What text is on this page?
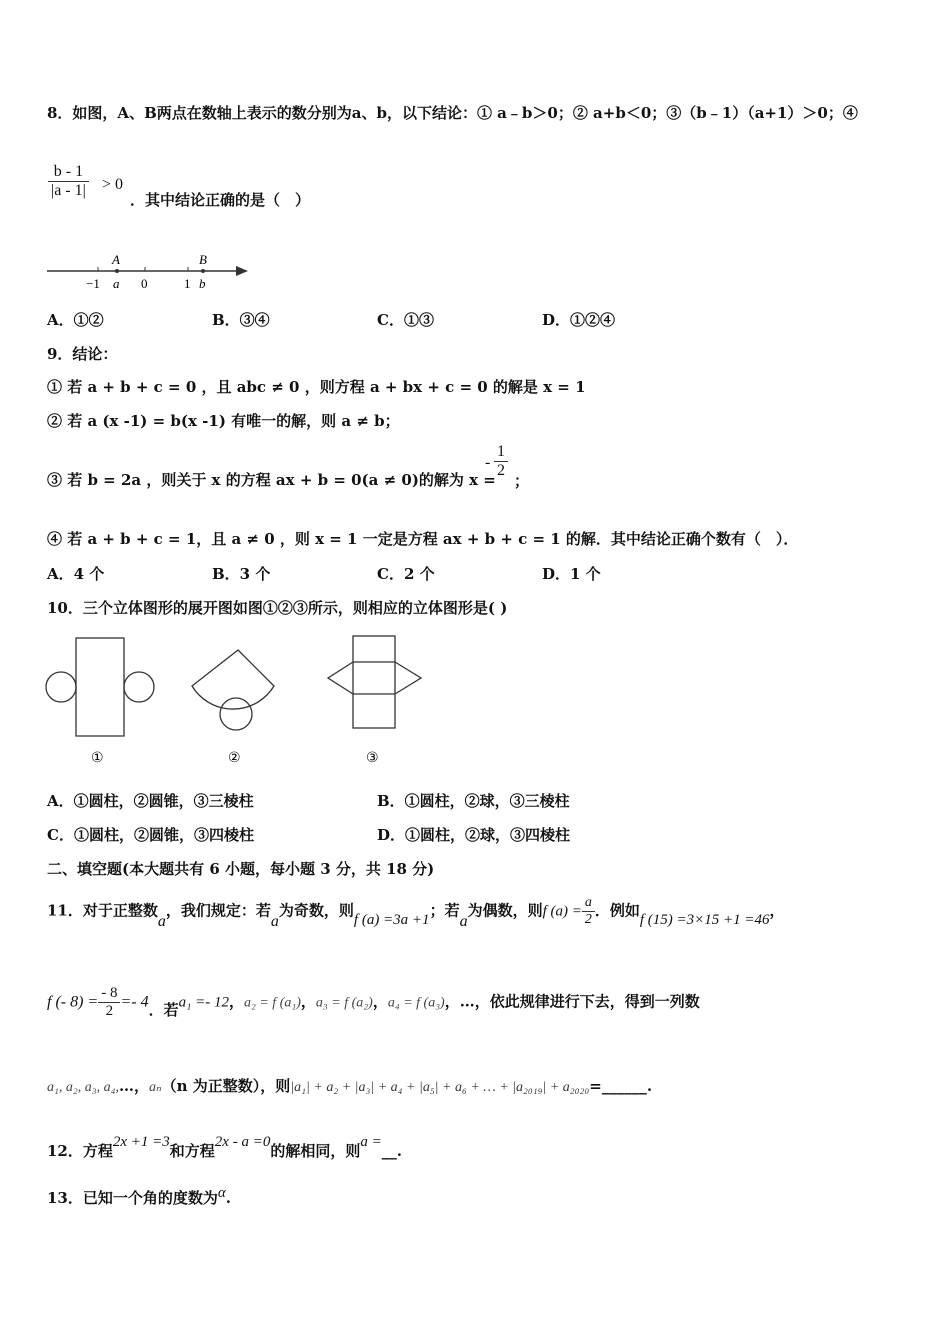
8．如图，A、B两点在数轴上表示的数分别为a、b，以下结论：① a﹣b＞0；② a+b＜0；③（b﹣1）（a+1）＞0；④
$\frac{b - 1}{|a - 1|} > 0$
．其中结论正确的是（　）
A	B
−1 a 0	1 b
A．①②	B．③④	C．①③	D．①②④
9．结论：
① 若 a + b + c = 0 ，且 abc ≠ 0 ，则方程 a + bx + c = 0 的解是 x = 1
② 若 a (x -1) = b(x -1) 有唯一的解，则 a ≠ b；
③ 若 b = 2a ，则关于 x 的方程 ax + b = 0(a ≠ 0)的解为 x =
- $\frac{1}{2}$
；
④ 若 a + b + c = 1，且 a ≠ 0 ，则 x = 1 一定是方程 ax + b + c = 1 的解．其中结论正确个数有（　）．
A．4 个	B．3 个	C．2 个	D．1 个
10．三个立体图形的展开图如图①②③所示，则相应的立体图形是( )
①	②	③
A．①圆柱，②圆锥，③三棱柱	B．①圆柱，②球，③三棱柱
C．①圆柱，②圆锥，③四棱柱	D．①圆柱，②球，③四棱柱
二、填空题(本大题共有 6 小题，每小题 3 分，共 18 分)
11．对于正整数a，我们规定：若a为奇数，则f (a) =3a +1；若a为偶数，则f $(a) = \frac{a}{2}$ ．例如f (15) =3×15 +1 =46，
f (- $8) = \frac{- 8}{2} =- 4$．若a₁ =- 12，a₂ = f (a₁)，a₃ = f (a₂)，a₄ = f (a₃)，…，依此规律进行下去，得到一列数
a₁, a₂, a₃, a₄,…，aₙ（n 为正整数），则|a₁| + a₂ + |a₃| + a₄ + |a₅| + a₆ + … + |a₂₀₁₉| + a₂₀₂₀=______.
12．方程2x +1 =3和方程2x - a =0的解相同，则a =__.
13．已知一个角的度数为α.
